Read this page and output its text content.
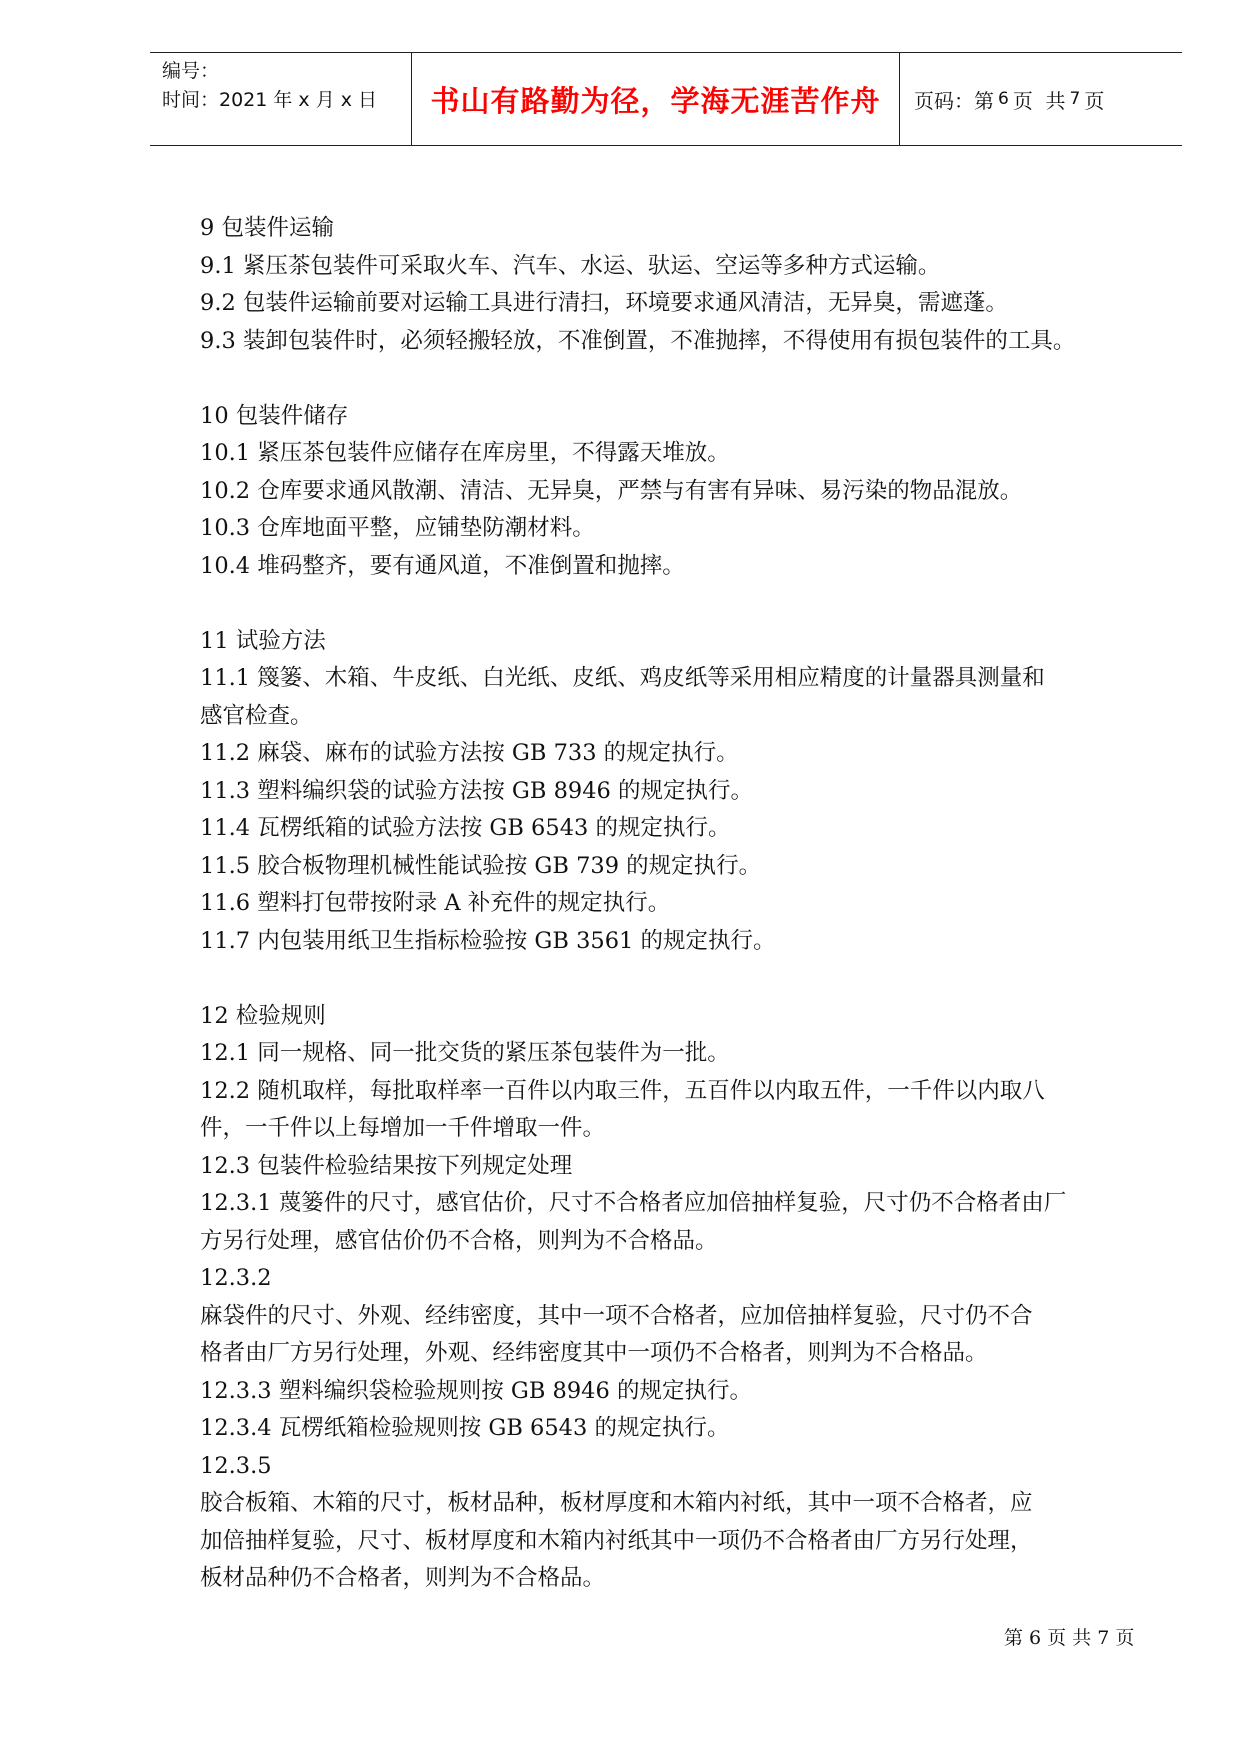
编号：
时间：2021 年 x 月 x 日	书山有路勤为径，学海无涯苦作舟	页码：第 6 页  共 7 页

9 包装件运输

9.1 紧压茶包装件可采取火车、汽车、水运、驮运、空运等多种方式运输。

9.2 包装件运输前要对运输工具进行清扫，环境要求通风清洁，无异臭，需遮蓬。

9.3 装卸包装件时，必须轻搬轻放，不准倒置，不准抛摔，不得使用有损包装件的工具。

10 包装件储存

10.1 紧压茶包装件应储存在库房里，不得露天堆放。

10.2 仓库要求通风散潮、清洁、无异臭，严禁与有害有异味、易污染的物品混放。

10.3 仓库地面平整，应铺垫防潮材料。

10.4 堆码整齐，要有通风道，不准倒置和抛摔。

11 试验方法

11.1 篾篓、木箱、牛皮纸、白光纸、皮纸、鸡皮纸等采用相应精度的计量器具测量和

感官检查。

11.2 麻袋、麻布的试验方法按 GB 733 的规定执行。

11.3 塑料编织袋的试验方法按 GB 8946 的规定执行。

11.4 瓦楞纸箱的试验方法按 GB 6543 的规定执行。

11.5 胶合板物理机械性能试验按 GB 739 的规定执行。

11.6 塑料打包带按附录 A 补充件的规定执行。

11.7 内包装用纸卫生指标检验按 GB 3561 的规定执行。

12 检验规则

12.1 同一规格、同一批交货的紧压茶包装件为一批。

12.2 随机取样，每批取样率一百件以内取三件，五百件以内取五件，一千件以内取八

件，一千件以上每增加一千件增取一件。

12.3 包装件检验结果按下列规定处理

12.3.1 蔑篓件的尺寸，感官估价，尺寸不合格者应加倍抽样复验，尺寸仍不合格者由厂

方另行处理，感官估价仍不合格，则判为不合格品。

12.3.2

麻袋件的尺寸、外观、经纬密度，其中一项不合格者，应加倍抽样复验，尺寸仍不合

格者由厂方另行处理，外观、经纬密度其中一项仍不合格者，则判为不合格品。

12.3.3 塑料编织袋检验规则按 GB 8946 的规定执行。

12.3.4 瓦楞纸箱检验规则按 GB 6543 的规定执行。

12.3.5

胶合板箱、木箱的尺寸，板材品种，板材厚度和木箱内衬纸，其中一项不合格者，应

加倍抽样复验，尺寸、板材厚度和木箱内衬纸其中一项仍不合格者由厂方另行处理，

板材品种仍不合格者，则判为不合格品。

第 6 页 共 7 页
